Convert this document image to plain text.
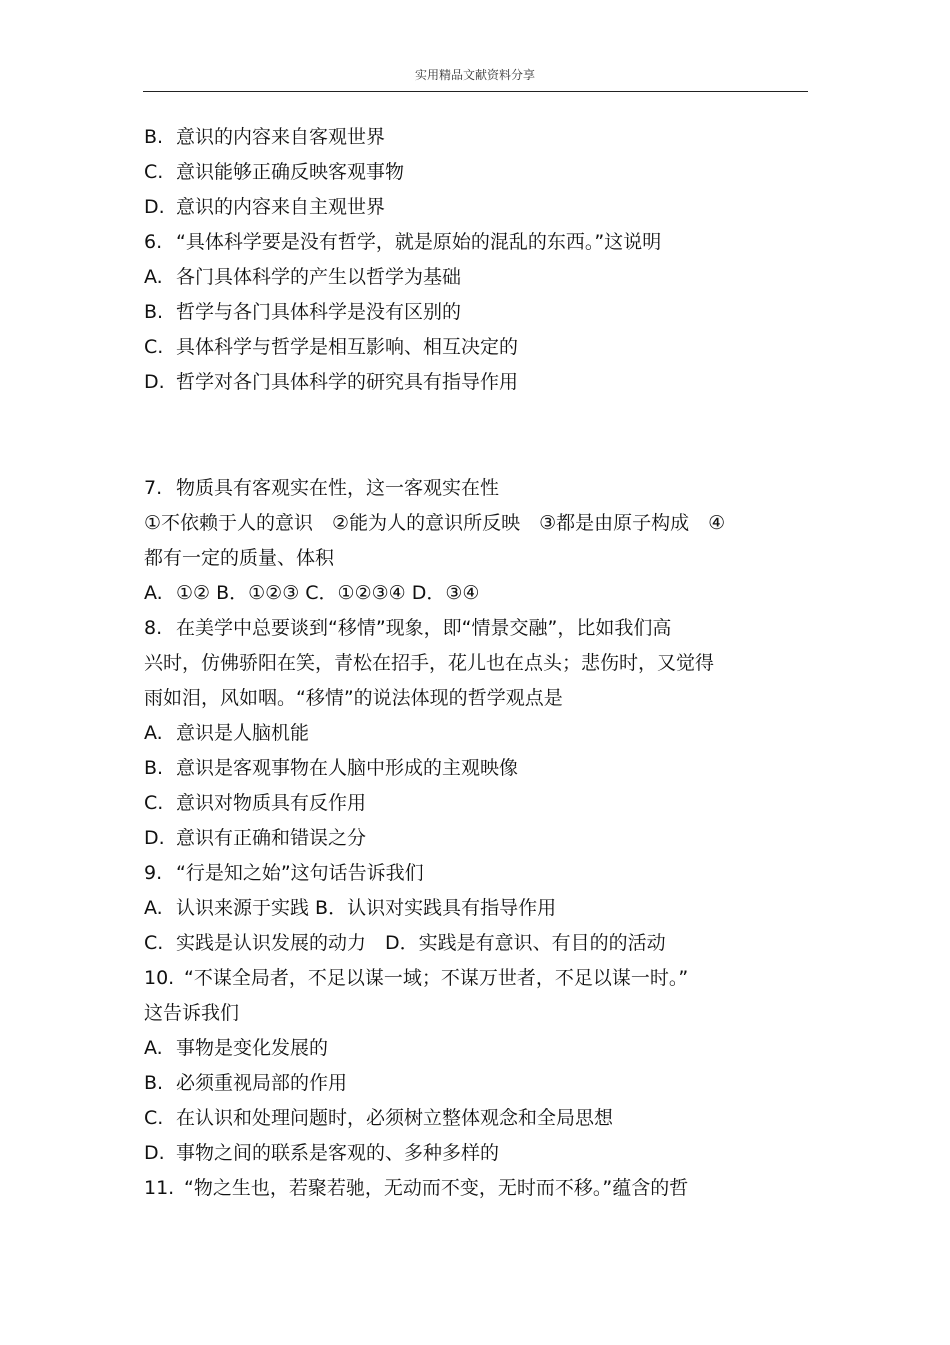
实用精品文献资料分享
B. 意识的内容来自客观世界
C. 意识能够正确反映客观事物
D. 意识的内容来自主观世界
6. “具体科学要是没有哲学，就是原始的混乱的东西。”这说明
A. 各门具体科学的产生以哲学为基础
B. 哲学与各门具体科学是没有区别的
C. 具体科学与哲学是相互影响、相互决定的
D. 哲学对各门具体科学的研究具有指导作用
7. 物质具有客观实在性，这一客观实在性
①不依赖于人的意识　②能为人的意识所反映　③都是由原子构成　④
都有一定的质量、体积
A. ①② B．①②③ C．①②③④ D．③④
8. 在美学中总要谈到“移情”现象，即“情景交融”，比如我们高
兴时，仿佛骄阳在笑，青松在招手，花儿也在点头；悲伤时，又觉得
雨如泪，风如咽。“移情”的说法体现的哲学观点是
A. 意识是人脑机能
B. 意识是客观事物在人脑中形成的主观映像
C. 意识对物质具有反作用
D. 意识有正确和错误之分
9. “行是知之始”这句话告诉我们
A. 认识来源于实践 B．认识对实践具有指导作用
C. 实践是认识发展的动力　D．实践是有意识、有目的的活动
10. “不谋全局者，不足以谋一域；不谋万世者，不足以谋一时。”
这告诉我们
A. 事物是变化发展的
B. 必须重视局部的作用
C. 在认识和处理问题时，必须树立整体观念和全局思想
D. 事物之间的联系是客观的、多种多样的
11. “物之生也，若聚若驰，无动而不变，无时而不移。”蕴含的哲
